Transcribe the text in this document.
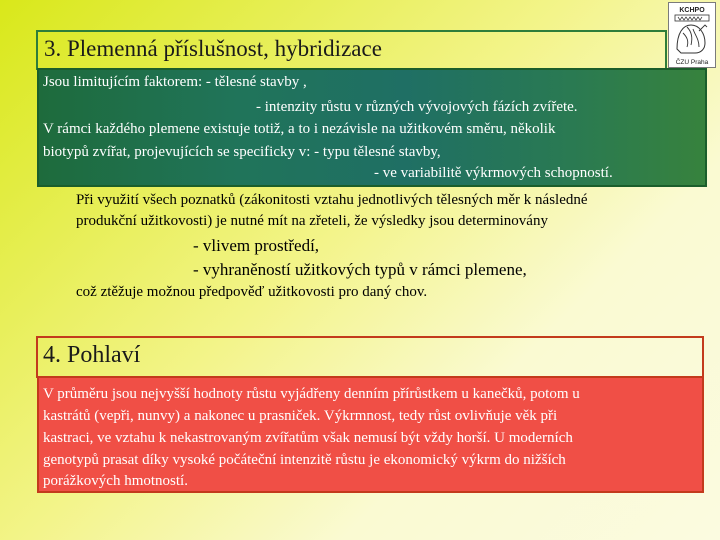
3. Plemenná příslušnost, hybridizace
KCHPO
ČZU Praha
Jsou limitujícím faktorem: - tělesné stavby ,
- intenzity růstu v různých vývojových fázích zvířete.
V rámci každého plemene existuje totiž, a to i nezávisle na užitkovém směru, několik
biotypů zvířat, projevujících se specificky v: - typu tělesné stavby,
- ve variabilitě výkrmových schopností.
Při využití všech poznatků (zákonitosti vztahu jednotlivých tělesných měr k následné
produkční užitkovosti) je nutné mít na zřeteli, že výsledky jsou determinovány
- vlivem prostředí,
- vyhraněností užitkových typů v rámci plemene,
což ztěžuje možnou předpověď užitkovosti pro daný chov.
4. Pohlaví
V průměru jsou nejvyšší hodnoty růstu vyjádřeny denním přírůstkem u kanečků, potom u
kastrátů (vepři, nunvy) a nakonec u prasniček. Výkrmnost, tedy růst ovlivňuje věk při
kastraci, ve vztahu k nekastrovaným zvířatům však nemusí být vždy horší. U moderních
genotypů prasat díky vysoké počáteční intenzitě růstu je ekonomický výkrm do nižších
porážkových hmotností.
